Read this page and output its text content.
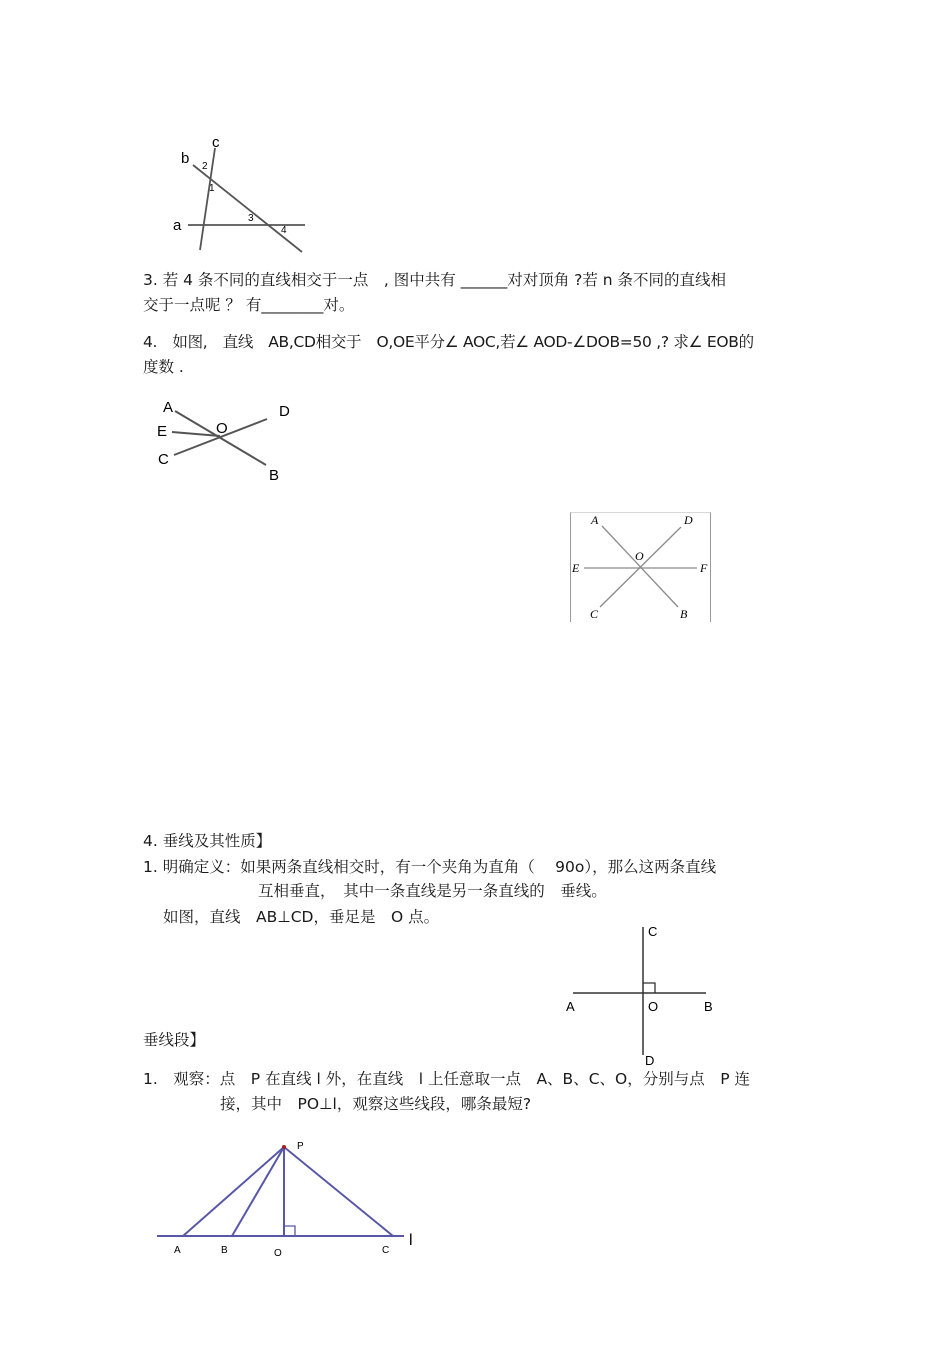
c
b
a
2
1
3
4
3. 若 4 条不同的直线相交于一点　, 图中共有 ______对对顶角 ?若 n 条不同的直线相
交于一点呢 ？ 有________对。
4.　如图,　直线　AB,CD相交于　O,OE平分∠ AOC,若∠ AOD-∠DOB=50 ,? 求∠ EOB的
度数 .
A	D
E	O
C
B
A	D
O
E	F
C	B
4. 垂线及其性质】
1. 明确定义：如果两条直线相交时，有一个夹角为直角（　 90o），那么这两条直线
互相垂直，　其中一条直线是另一条直线的　垂线。
如图，直线　AB⊥CD，垂足是　O 点。
C
A	O	B
D
垂线段】
1.　观察：点　P 在直线 l 外，在直线　l 上任意取一点　A、B、C、O，分别与点　P 连
接，其中　PO⊥l，观察这些线段，哪条最短?
P
A	B	O	C
l
